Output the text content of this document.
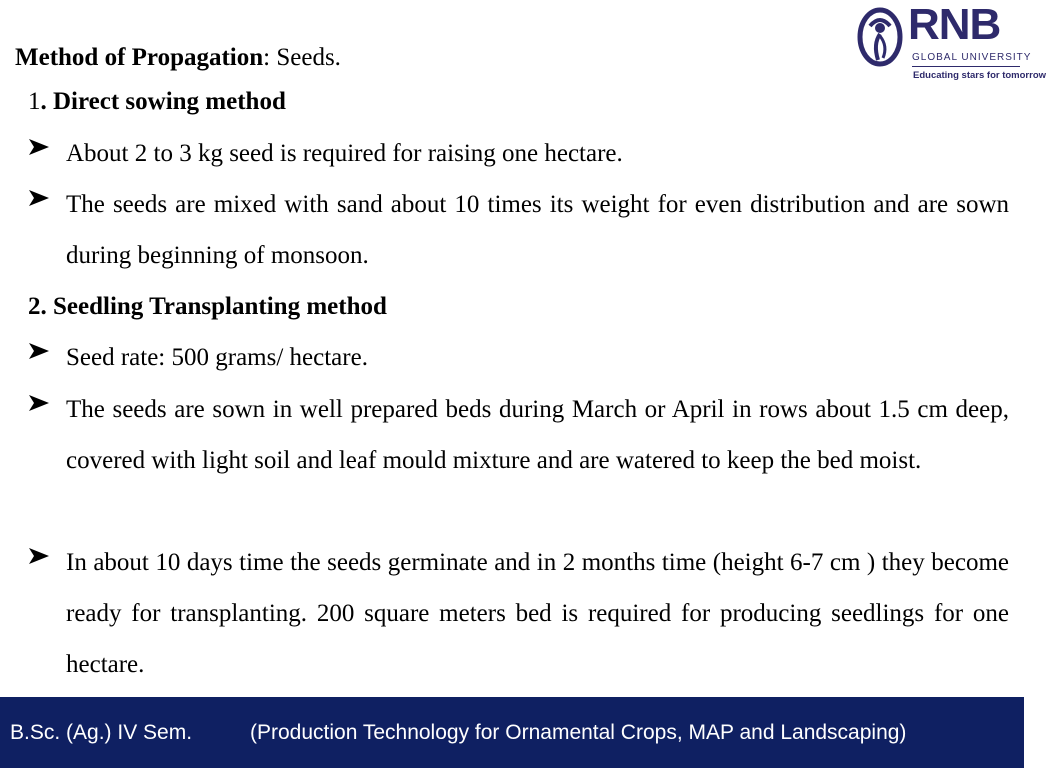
Method of Propagation: Seeds.
RNB
GLOBAL UNIVERSITY
Educating stars for tomorrow
1. Direct sowing method
About 2 to 3 kg seed is required for raising one hectare.
The seeds are mixed with sand about 10 times its weight for even distribution and are sown during beginning of monsoon.
2. Seedling Transplanting method
Seed rate: 500 grams/ hectare.
The seeds are sown in well prepared beds during March or April in rows about 1.5 cm deep, covered with light soil and leaf mould mixture and are watered to keep the bed moist.
In about 10 days time the seeds germinate and in 2 months time (height 6-7 cm ) they become ready for transplanting. 200 square meters bed is required for producing seedlings for one hectare.
B.Sc. (Ag.) IV Sem.	(Production Technology for Ornamental Crops, MAP and Landscaping)
